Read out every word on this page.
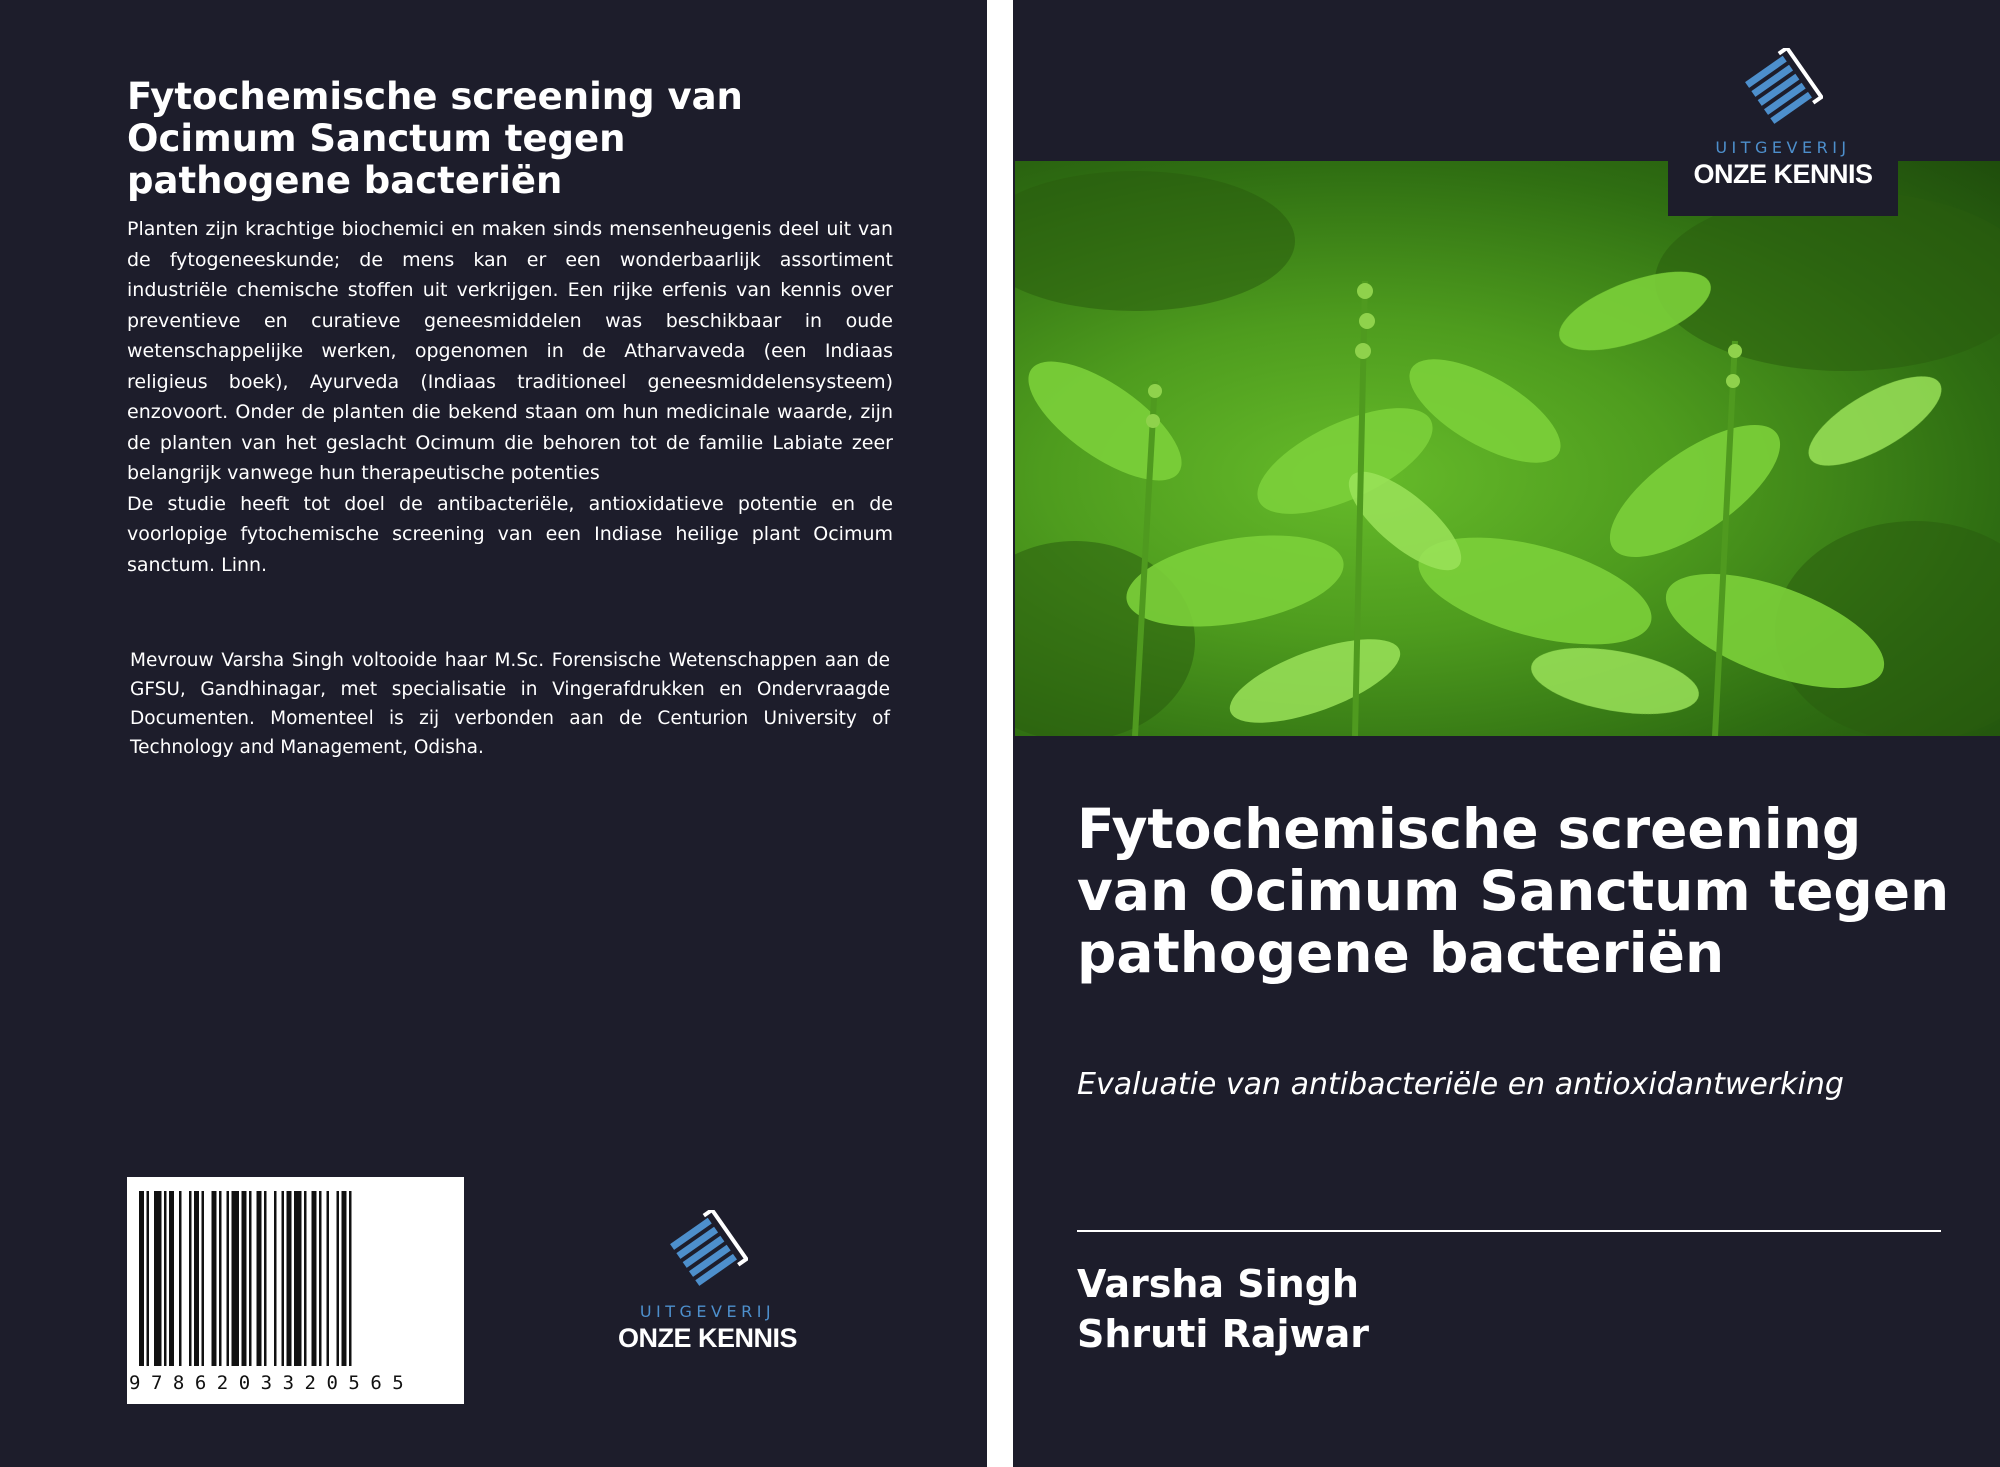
Fytochemische screening van Ocimum Sanctum tegen pathogene bacteriën

Planten zijn krachtige biochemici en maken sinds mensenheugenis deel uit van de fytogeneeskunde; de mens kan er een wonderbaarlijk assortiment industriële chemische stoffen uit verkrijgen. Een rijke erfenis van kennis over preventieve en curatieve geneesmiddelen was beschikbaar in oude wetenschappelijke werken, opgenomen in de Atharvaveda (een Indiaas religieus boek), Ayurveda (Indiaas traditioneel geneesmiddelensysteem) enzovoort. Onder de planten die bekend staan om hun medicinale waarde, zijn de planten van het geslacht Ocimum die behoren tot de familie Labiate zeer belangrijk vanwege hun therapeutische potenties

De studie heeft tot doel de antibacteriële, antioxidatieve potentie en de voorlopige fytochemische screening van een Indiase heilige plant Ocimum sanctum. Linn.

Mevrouw Varsha Singh voltooide haar M.Sc. Forensische Wetenschappen aan de GFSU, Gandhinagar, met specialisatie in Vingerafdrukken en Ondervraagde Documenten. Momenteel is zij verbonden aan de Centurion University of Technology and Management, Odisha.

9786203320565
UITGEVERIJ
ONZE KENNIS
UITGEVERIJ
ONZE KENNIS
Fytochemische screening van Ocimum Sanctum tegen pathogene bacteriën

Evaluatie van antibacteriële en antioxidantwerking

Varsha Singh

Shruti Rajwar
